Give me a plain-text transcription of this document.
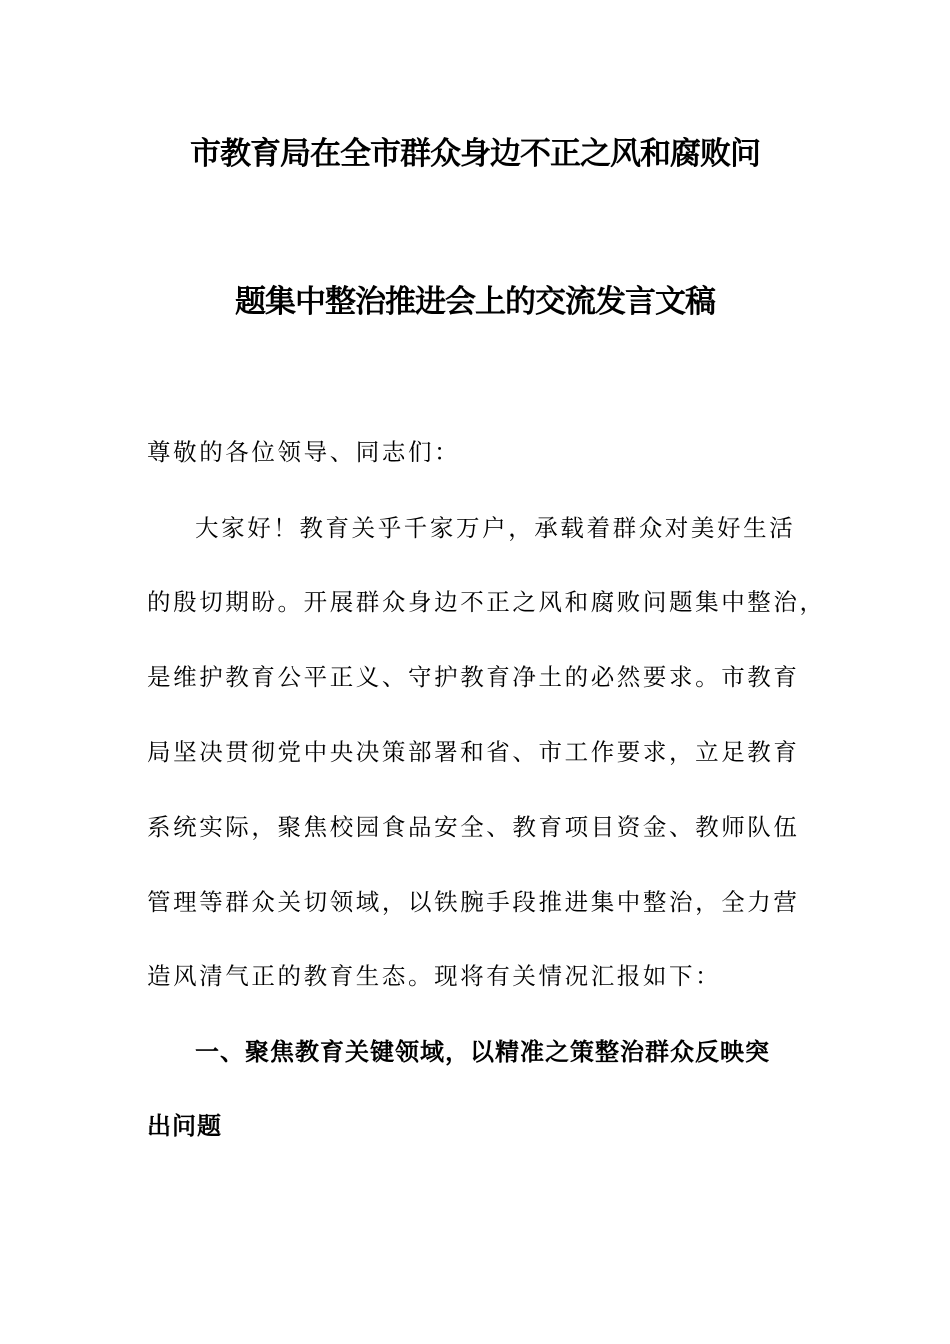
市教育局在全市群众身边不正之风和腐败问
题集中整治推进会上的交流发言文稿
尊敬的各位领导、同志们：
大家好！教育关乎千家万户，承载着群众对美好生活
的殷切期盼。开展群众身边不正之风和腐败问题集中整治，
是维护教育公平正义、守护教育净土的必然要求。市教育
局坚决贯彻党中央决策部署和省、市工作要求，立足教育
系统实际，聚焦校园食品安全、教育项目资金、教师队伍
管理等群众关切领域，以铁腕手段推进集中整治，全力营
造风清气正的教育生态。现将有关情况汇报如下：
一、聚焦教育关键领域，以精准之策整治群众反映突
出问题
